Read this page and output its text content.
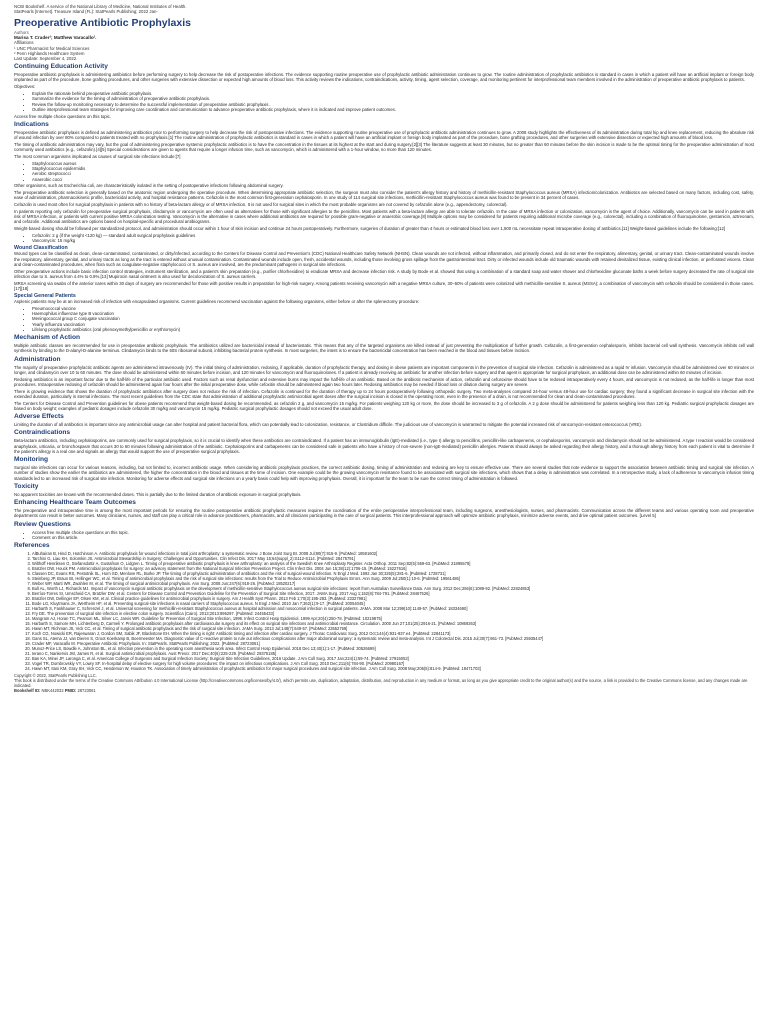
NCBI Bookshelf. A service of the National Library of Medicine, National Institutes of Health.
StatPearls [Internet]. Treasure Island (FL): StatPearls Publishing; 2022 Jan-
Preoperative Antibiotic Prophylaxis
Authors
Marisa T. Crader¹; Matthew Varacallo².
Affiliations
¹ UNC Pharmacist for Medical Sciences
² Penn Highlands Healthcare System
Last Update: September 4, 2022.
Continuing Education Activity

Preoperative antibiotic prophylaxis is administering antibiotics before performing surgery to help decrease the risk of postoperative infections. The evidence supporting routine preoperative use of prophylactic antibiotic administration continues to grow. The routine administration of prophylactic antibiotics is standard in cases in which a patient will have an artificial implant or foreign body implanted as part of the procedure, bone grafting procedures, and other surgeries with extensive dissection or expected high amounts of blood loss. This activity reviews the indications, contraindications, activity, timing, agent selection, coverage, and monitoring pertinent for interprofessional team members involved in the administration of preoperative antibiotic prophylaxis to patients.

Objectives:

• Explain the rationale behind preoperative antibiotic prophylaxis.
• Summarize the evidence for the timing of administration of preoperative antibiotic prophylaxis.
• Review the follow-up monitoring necessary to determine the successful implementation of preoperative antibiotic prophylaxis.
• Outline interprofessional team strategies for improving care coordination and communication to advance preoperative antibiotic prophylaxis, where it is indicated and improve patient outcomes.

Access free multiple choice questions on this topic.

Indications

Preoperative antibiotic prophylaxis is defined as administering antibiotics prior to performing surgery to help decrease the risk of postoperative infections. The evidence supporting routine preoperative use of prophylactic antibiotic administration continues to grow. A 2008 study highlights the effectiveness of its administration during total hip and knee replacement, reducing the absolute risk of wound infection by over 80% compared to patients treated with no prophylaxis.[1] The routine administration of prophylactic antibiotics is standard in cases in which a patient will have an artificial implant or foreign body implanted as part of the procedure, bone grafting procedures, and other surgeries with extensive dissection or expected high amounts of blood loss.

The timing of antibiotic administration may vary, but the goal of administering preoperative systemic prophylactic antibiotics is to have the concentration in the tissues at its highest at the start and during surgery.[2][3] The literature suggests at least 30 minutes, but no greater than 60 minutes before the skin incision is made to be the optimal timing for the preoperative administration of most commonly used antibiotics (e.g., cefazolin).[4][5] Special considerations are given to agents that require a longer infusion time, such as vancomycin, which is administered with a 1-hour window, no more than 120 minutes.

The most common organisms implicated as causes of surgical site infections include:[7]

• Staphylococcus aureus
• Staphylococcus epidermidis
• Aerobic streptococci
• Anaerobic cocci

Other organisms, such as Escherichia coli, are characteristically isolated in the setting of postoperative infections following abdominal surgery.

The preoperative antibiotic selection is generally based on the anatomic region undergoing the operative procedure. When determining appropriate antibiotic selection, the surgeon must also consider the patient's allergy history and history of methicillin-resistant Staphylococcus aureus (MRSA) infection/colonization. Antibiotics are selected based on many factors, including cost, safety, ease of administration, pharmacokinetic profile, bactericidal activity, and hospital resistance patterns. Cefazolin is the most common first-generation cephalosporin. In one study of 114 surgical site infections, methicillin-resistant Staphylococcus aureus was found to be present in 34 percent of cases.

Cefazolin is used most often for surgical prophylaxis in patients with no history of beta-lactam allergy or of MRSA infection. It is not used for surgical sites in which the most probable organisms are not covered by cefazolin alone (e.g., appendectomy, colorectal).

In patients reporting only cefazolin for preoperative surgical prophylaxis, clindamycin or vancomycin are often used as alternatives for those with significant allergies to the penicillins. Most patients with a beta-lactam allergy are able to tolerate cefazolin. In the case of MRSA infection or colonization, vancomycin is the agent of choice. Additionally, vancomycin can be used in patients with risk of MRSA infection, or patients with current positive MRSA colonization testing. Vancomycin is the alternative in cases where additional antibiotics are required for possible gram-negative or anaerobic coverage.[8] Multiple options may be considered for patients requiring additional microbe coverage (e.g., colorectal), including a combination of fluoroquinolone, gentamicin, aztreonam, and cefazolin. Additional antibiotics are options based on hospital-specific and procedural antibiograms.

Weight-based dosing should be followed per standardized protocol, and administration should occur within 1 hour of skin incision and continue 24 hours postoperatively. Furthermore, surgeries of duration of greater than 4 hours or estimated blood loss over 1,500 mL necessitate repeat intraoperative dosing of antibiotics.[11] Weight-based guidelines include the following:[12]

• Cefazolin: 2 g (if the weight <120 kg) — standard adult surgical prophylaxis guidelines
• Vancomycin: 15 mg/kg
Wound Classification

Wound types can be classified as clean, clean-contaminated, contaminated, or dirty/infected, according to the Centers for Disease Control and Prevention's (CDC) National Healthcare Safety Network (NHSN). Clean wounds are not infected, without inflammation, and primarily closed, and do not enter the respiratory, alimentary, genital, or urinary tract. Clean-contaminated wounds involve the respiratory, alimentary, genital, and urinary tracts as long as the tract is entered without unusual contamination. Contaminated wounds include open, fresh, accidental wounds, including those involving gross spillage from the gastrointestinal tract. Dirty or infected wounds include old traumatic wounds with retained devitalized tissue, existing clinical infection, or perforated viscera. Clean and clean-contaminated procedures, when flora such as coagulase-negative staphylococci or S. aureus are involved, are the predominant pathogens in surgical site infections.

Other preoperative actions include basic infection control strategies, instrument sterilization, and a patient's skin preparation (e.g., purifier chlorhexidine) to eradicate MRSA and decrease infection risk. A study by Bode et al. showed that using a combination of a standard soap and water shower and chlorhexidine gluconate baths a week before surgery decreased the rate of surgical site infection due to S. aureus from 4.4% to 0.9%.[13] Mupirocin nasal ointment is also used for decolonization of S. aureus carriers.

MRSA screening via swabs of the anterior nares within 30 days of surgery are recommended for those with positive results in preparation for high-risk surgery. Among patients receiving vancomycin with a negative MRSA culture, 30–50% of patients were colonized with methicillin-sensitive S. aureus (MSSA); a combination of vancomycin with cefazolin should be considered in those cases.[17][18]

Special General Patients

Asplenic patients may be at an increased risk of infection with encapsulated organisms. Current guidelines recommend vaccination against the following organisms, either before or after the splenectomy procedure:

• Pneumococcal vaccine
• Haemophilus influenzae type B vaccination
• Meningococcal group C conjugate vaccination
• Yearly influenza vaccination
• Lifelong prophylactic antibiotics (oral phenoxymethylpenicillin or erythromycin)
Mechanism of Action

Multiple antibiotic classes are recommended for use in preoperative antibiotic prophylaxis. The antibiotics utilized are bactericidal instead of bacteriostatic. This means that any of the targeted organisms are killed instead of just preventing the multiplication of further growth. Cefazolin, a first-generation cephalosporin, inhibits bacterial cell wall synthesis. Vancomycin inhibits cell wall synthesis by binding to the D-alanyl-D-alanine terminus. Clindamycin binds to the 50S ribosomal subunit, inhibiting bacterial protein synthesis. In most surgeries, the intent is to ensure the bactericidal concentration has been reached in the blood and tissues before incision.

Administration

The majority of preoperative prophylactic antibiotic agents are administered intravenously (IV). The initial timing of administration, redosing, if applicable, duration of prophylactic therapy, and dosing in obese patients are important components in the prevention of surgical site infection. Cefazolin is administered as a rapid IV infusion. Vancomycin should be administered over 60 minutes or longer, and clindamycin over 10 to 60 minutes. The dose should be administered within 60 minutes before incision, and 120 minutes for vancomycin and fluoroquinolones. If a patient is already receiving an antibiotic for another infection before surgery and that agent is appropriate for surgical prophylaxis, an additional dose can be administered within 60 minutes of incision.

Redosing antibiotics is an important factor due to the half-life of the particular antibiotic used. Factors such as renal dysfunction and extensive burns may impact the half-life of an antibiotic. Based on the antibiotic mechanism of action, cefazolin and cefuroxime should have to be redosed intraoperatively every 4 hours, and vancomycin is not redosed, as the half-life is longer than most procedures. Intraoperative redosing of cefazolin should be administered again four hours after the initial preoperative dose, while cefoxitin should be administered again two hours later. Redosing antibiotics may be needed if blood loss or dilution during surgery are severe.

There is growing evidence that shows the duration of prophylactic antibiotics after surgery does not reduce the risk of infection. Cefazolin is continued for the duration of therapy up to 24 hours postoperatively following orthopedic surgery. Two meta-analyses compared 24-hour versus 48-hour use for cardiac surgery; they found a significant decrease in surgical site infection with the extended duration, particularly in sternal infections. The most recent guidelines from the CDC state that administration of additional prophylactic antimicrobial agent doses after the surgical incision is closed in the operating room, even in the presence of a drain, is not recommended for clean and clean-contaminated procedures.

The Centers for Disease Control and Prevention guidelines for obese patients recommend that weight-based dosing be recommended, as cefazolin 2 g, and vancomycin 15 mg/kg. For patients weighing 120 kg or more, the dose should be increased to 3 g of cefazolin. A 2 g dose should be administered for patients weighing less than 120 kg. Pediatric surgical prophylactic dosages are based on body weight; examples of pediatric dosages include cefazolin 30 mg/kg and vancomycin 15 mg/kg. Pediatric surgical prophylactic dosages should not exceed the usual adult dose.

Adverse Effects

Limiting the duration of all antibiotics is important since any antimicrobial usage can alter hospital and patient bacterial flora, which can potentially lead to colonization, resistance, or Clostridium difficile. The judicious use of vancomycin is warranted to mitigate the potential increased risk of vancomycin-resistant enterococcus (VRE).

Contraindications

Beta-lactam antibiotics, including cephalosporins, are commonly used for surgical prophylaxis, so it is crucial to identify when these antibiotics are contraindicated. If a patient has an immunoglobulin (IgE)-mediated (i.e., type I) allergy to penicillins, penicillin-like carbapenems, or cephalosporins, vancomycin and clindamycin should not be administered. A type I reaction would be considered anaphylaxis, urticaria, or bronchospasm that occurs 30 to 60 minutes following administration of the antibiotic. Cephalosporins and carbapenems can be considered safe in patients who have a history of non-severe (non-IgE-mediated) penicillin allergies. Patients should always be asked regarding their allergy history, and a thorough allergy history from each patient is vital to determine if the patient's allergy is a real one and signals an allergy that would support the use of preoperative surgical prophylaxis.

Monitoring

Surgical site infections can occur for various reasons, including, but not limited to, incorrect antibiotic usage. When considering antibiotic prophylaxis practices, the correct antibiotic dosing, timing of administration and redosing are key to ensure effective use. There are several studies that note evidence to support the association between antibiotic timing and surgical site infection. A number of studies show the earlier the antibiotics are administered, the higher the concentration in the blood and tissues at the time of incision. One example could be the growing vancomycin resistance found to be associated with surgical site infections, which shows that a delay in administration was correlated. In a retrospective study, a lack of adherence to vancomycin infusion timing standards led to an increased risk of surgical site infection. Monitoring for adverse effects and surgical site infections on a yearly basis could help with improving prophylaxis. Overall, it is important for the team to be sure the correct timing of administration is followed.

Toxicity

No apparent toxicities are known with the recommended doses. This is partially due to the limited duration of antibiotic exposure in surgical prophylaxis.

Enhancing Healthcare Team Outcomes

The preoperative and intraoperative time is among the most important periods for ensuring the routine postoperative antibiotic prophylactic measures requires the coordination of the entire perioperative interprofessional team, including surgeons, anesthesiologists, nurses, and pharmacists. Communication across the different teams and various operating room and preoperative departments can result in better outcomes. Many clinicians, nurses, and staff can play a critical role in advance practitioners, pharmacists, and all clinicians participating in the care of surgical patients. This interprofessional approach will optimize antibiotic prophylaxis, minimize adverse events, and drive optimal patient outcomes. [Level 5]

Review Questions
• Access free multiple choice questions on this topic.
• Comment on this article.
References
1. AlBuhairan B, Hind D, Hutchinson A. Antibiotic prophylaxis for wound infections in total joint arthroplasty: a systematic review. J Bone Joint Surg Br. 2008 Jul;90(7):915-9. [PubMed: 18591602]
2. Tarchini G, Liau KH, Solomkin JS. Antimicrobial Stewardship in Surgery: Challenges and Opportunities. Clin Infect Dis. 2017 May 15;64(suppl_2):S112-S114. [PubMed: 28475791]
3. Wilthoff Henriksen G, Stefansdottir A, Gustafson O, Lidgren L. Timing of preoperative antibiotic prophylaxis in knee arthroplasty: an analysis of the Swedish Knee Arthroplasty Register. Acta Orthop. 2011 Sep;82(5):559-63. [PubMed: 21895578]
4. Bratzler DW, Houck PM. Antimicrobial prophylaxis for surgery: an advisory statement from the National Surgical Infection Prevention Project. Clin Infect Dis. 2004 Jun 15;38(12):1706-15. [PubMed: 15227616]
5. Classen DC, Evans RS, Pestotnik SL, Horn SD, Menlove RL, Burke JP. The timing of prophylactic administration of antibiotics and the risk of surgical-wound infection. N Engl J Med. 1992 Jan 30;326(5):281-6. [PubMed: 1728731]
6. Steinberg JP, Braun BI, Hellinger WC, et al. Timing of antimicrobial prophylaxis and the risk of surgical site infections: results from the Trial to Reduce Antimicrobial Prophylaxis Errors. Ann Surg. 2009 Jul;250(1):10-6. [PubMed: 19561486]
7. Weber WP, Marti WR, Zwahlen M, et al. The timing of surgical antimicrobial prophylaxis. Ann Surg. 2008 Jun;247(6):918-26. [PubMed: 18520217]
8. Bull AL, Worth LJ, Richards MJ. Impact of vancomycin surgical antibiotic prophylaxis on the development of methicillin-sensitive Staphylococcus aureus surgical site infections: report from Australian Surveillance Data. Ann Surg. 2012 Dec;256(6):1089-92. [PubMed: 22824853]
9. Berríos-Torres SI, Umscheid CA, Bratzler DW, et al. Centers for Disease Control and Prevention Guideline for the Prevention of Surgical Site Infection, 2017. JAMA Surg. 2017 Aug 1;152(8):784-791. [PubMed: 28467526]
10. Bratzler DW, Dellinger EP, Olsen KM, et al. Clinical practice guidelines for antimicrobial prophylaxis in surgery. Am J Health Syst Pharm. 2013 Feb 1;70(3):195-283. [PubMed: 23327981]
11. Bode LG, Kluytmans JA, Wertheim HF, et al. Preventing surgical-site infections in nasal carriers of Staphylococcus aureus. N Engl J Med. 2010 Jan 7;362(1):9-17. [PubMed: 20054045]
12. Harbarth S, Fankhauser C, Schrenzel J, et al. Universal screening for methicillin-resistant Staphylococcus aureus at hospital admission and nosocomial infection in surgical patients. JAMA. 2008 Mar 12;299(10):1149-57. [PubMed: 18334690]
13. Fry DE. The prevention of surgical site infection in elective colon surgery. Scientifica (Cairo). 2013;2013:896297. [PubMed: 24455433]
14. Mangram AJ, Horan TC, Pearson ML, Silver LC, Jarvis WR. Guideline for Prevention of Surgical Site Infection, 1999. Infect Control Hosp Epidemiol. 1999 Apr;20(4):250-78. [PubMed: 10219875]
15. Harbarth S, Samore MH, Lichtenberg D, Carmeli Y. Prolonged antibiotic prophylaxis after cardiovascular surgery and its effect on surgical site infections and antimicrobial resistance. Circulation. 2000 Jun 27;101(25):2916-21. [PubMed: 10869263]
16. Hawn MT, Richman JS, Vick CC, et al. Timing of surgical antibiotic prophylaxis and the risk of surgical site infection. JAMA Surg. 2013 Jul;148(7):649-57. [PubMed: 23552769]
17. Koch CG, Nowicki ER, Rajeswaran J, Gordon SM, Sabik JF, Blackstone EH. When the timing is right: Antibiotic timing and infection after cardiac surgery. J Thorac Cardiovasc Surg. 2012 Oct;144(4):931-937.e4. [PubMed: 22841173]
18. Gans SL, Atema JJ, van Dieren S, Groot Koerkamp B, Boermeester MA. Diagnostic value of C-reactive protein to rule out infectious complications after major abdominal surgery: a systematic review and meta-analysis. Int J Colorectal Dis. 2015 Jul;30(7):861-73. [PubMed: 25935447]
19. Crader MF, Varacallo M. Preoperative Antibiotic Prophylaxis. In: StatPearls. StatPearls Publishing; 2022. [PubMed: 28723061]
20. Munoz-Price LS, Bowdle A, Johnston BL, et al. Infection prevention in the operating room anesthesia work area. Infect Control Hosp Epidemiol. 2018 Dec 13;40(1):1-17. [PubMed: 30526699]
21. Ierano C, Nankervis JM, James R, et al. Surgical antimicrobial prophylaxis. Aust Prescr. 2017 Dec;40(6):225-229. [PubMed: 29375185]
22. Ban KA, Minei JP, Laronga C, et al. American College of Surgeons and Surgical Infection Society: Surgical Site Infection Guidelines, 2016 Update. J Am Coll Surg. 2017 Jan;224(1):59-74. [PubMed: 27915053]
23. Vogel TR, Dombrovskiy VY, Lowry SF. In-hospital delay of elective surgery for high volume procedures: the impact on infectious complications. J Am Coll Surg. 2010 Dec;211(6):784-90. [PubMed: 20980167]
24. Hawn MT, Itani KM, Gray SH, Vick CC, Henderson W, Houston TK. Association of timely administration of prophylactic antibiotics for major surgical procedures and surgical site infection. J Am Coll Surg. 2008 May;206(5):814-9. [PubMed: 18471703]
Copyright © 2022, StatPearls Publishing LLC.
This book is distributed under the terms of the Creative Commons Attribution 4.0 International License (http://creativecommons.org/licenses/by/4.0/), which permits use, duplication, adaptation, distribution, and reproduction in any medium or format, as long as you give appropriate credit to the original author(s) and the source, a link is provided to the Creative Commons license, and any changes made are indicated.
Bookshelf ID: NBK442032 PMID: 28723061
